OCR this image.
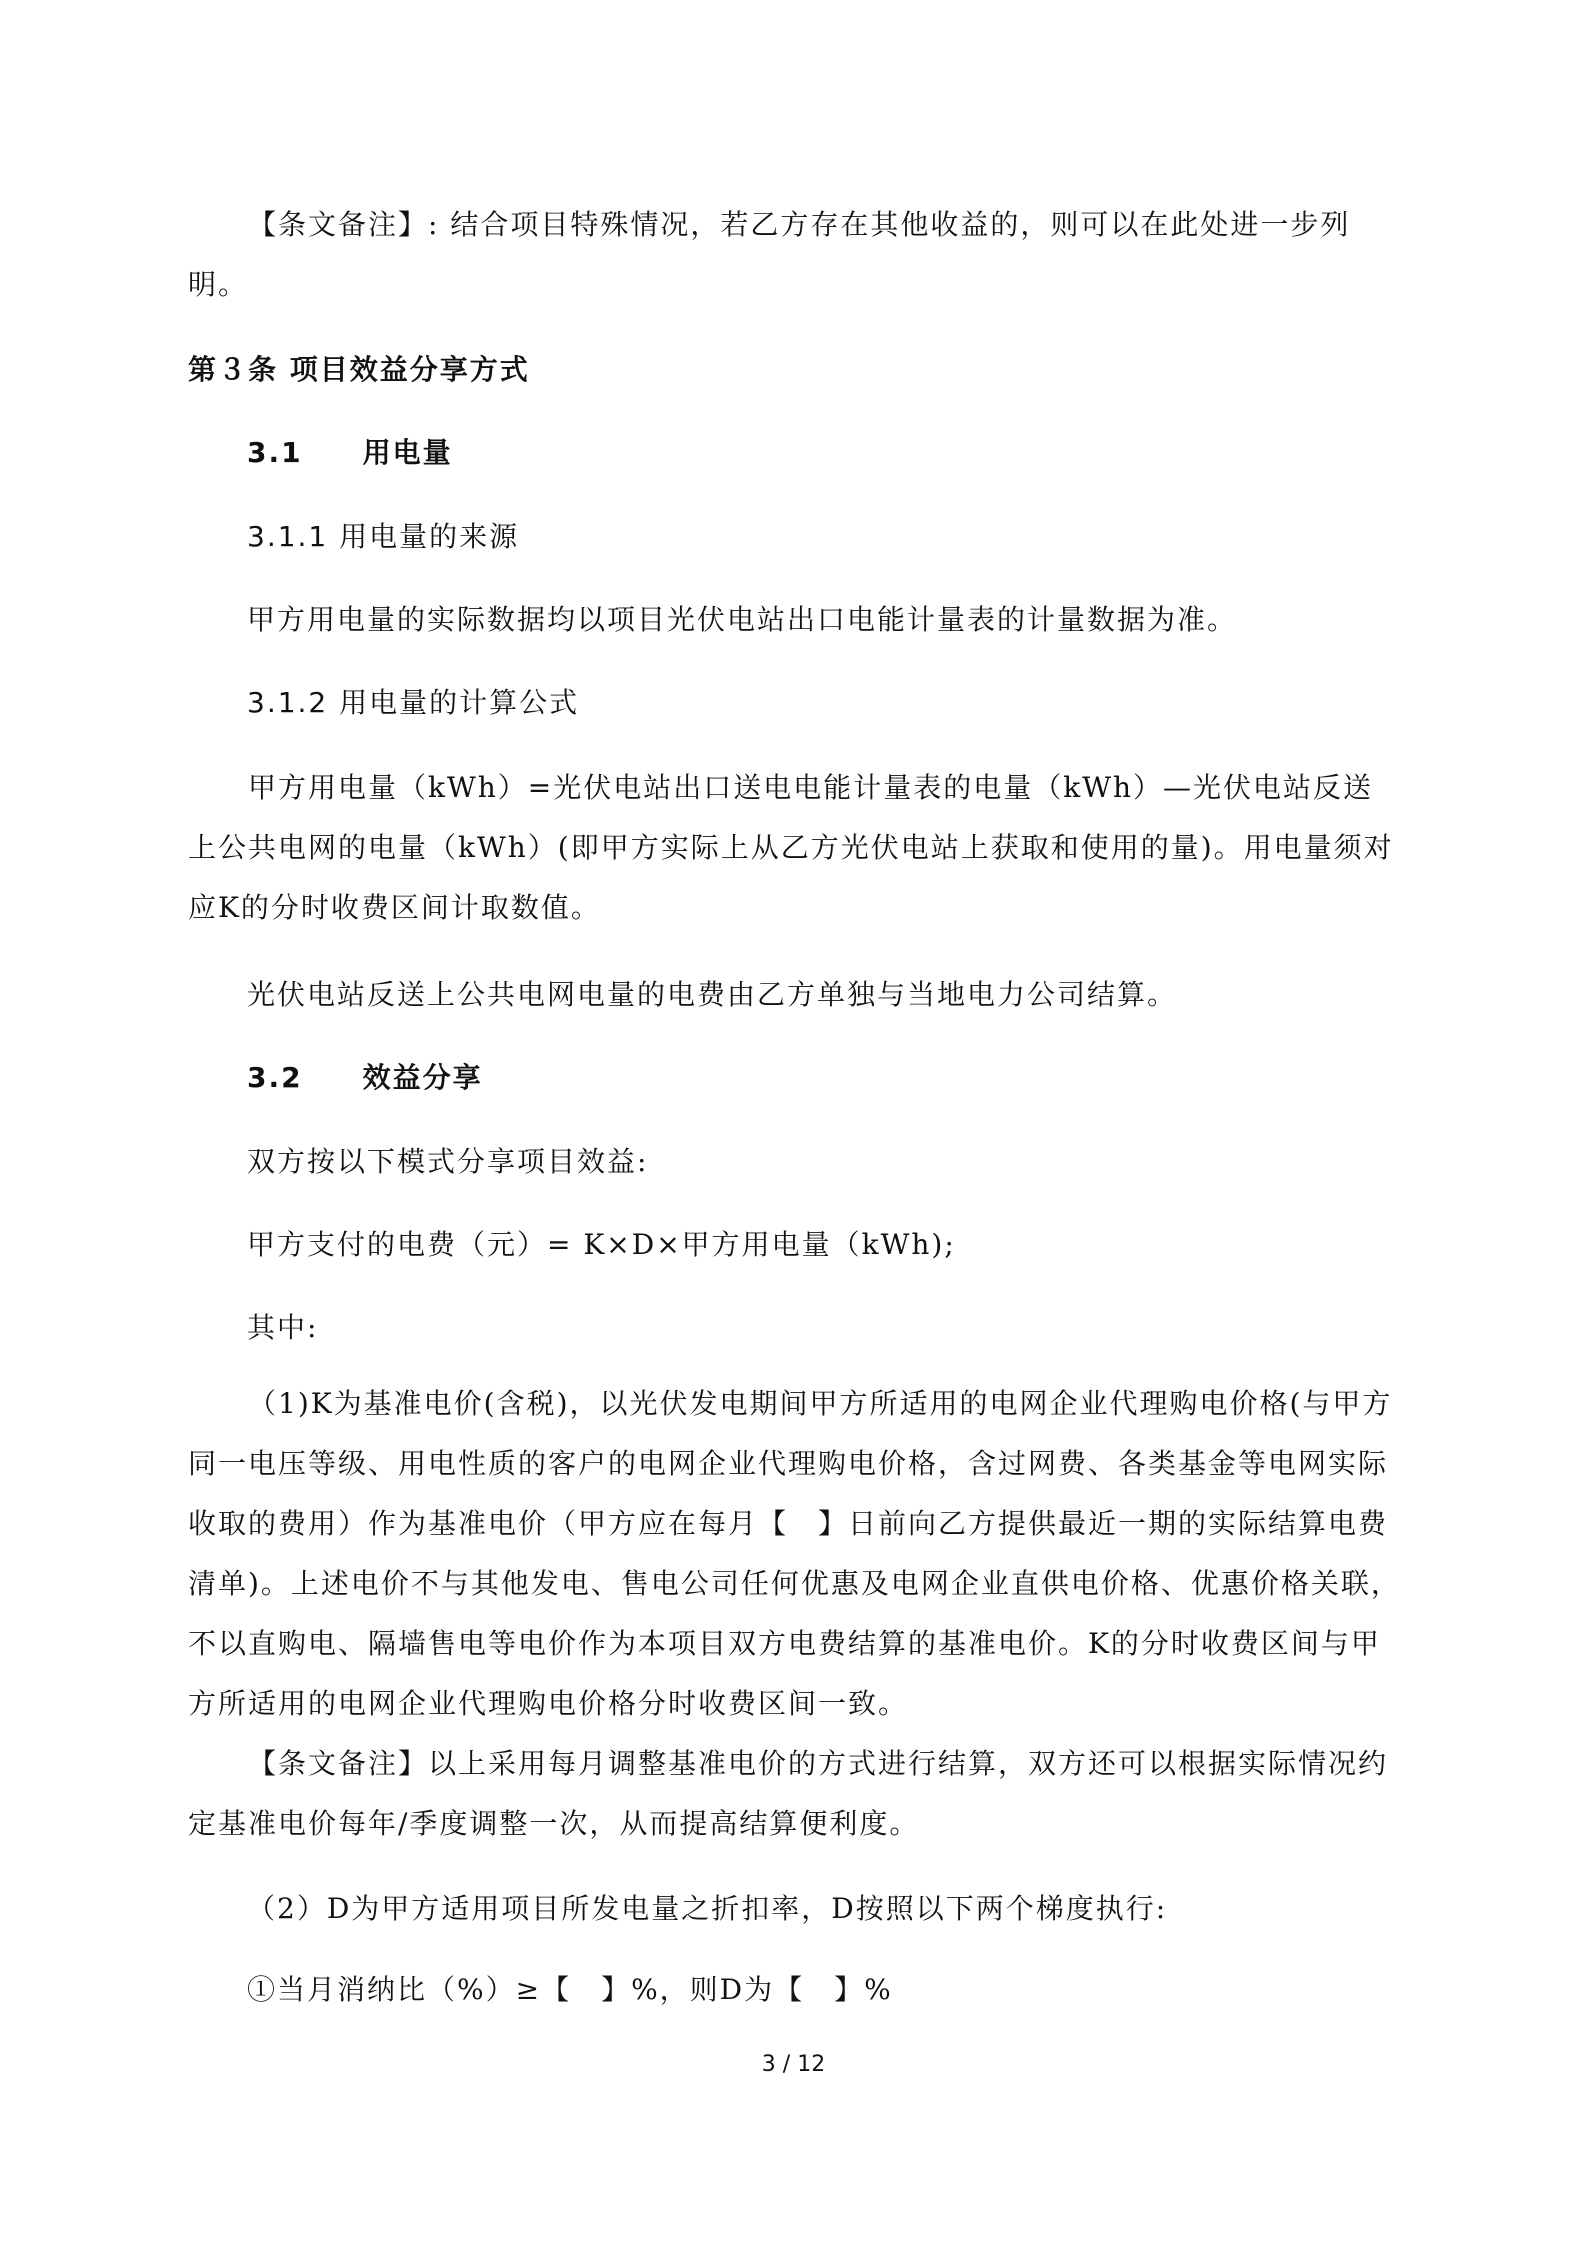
【条文备注】: 结合项目特殊情况，若乙方存在其他收益的，则可以在此处进一步列明。

第３条 项目效益分享方式

3.1　　用电量

3.1.1 用电量的来源

甲方用电量的实际数据均以项目光伏电站出口电能计量表的计量数据为准。

3.1.2 用电量的计算公式

甲方用电量（kWh）=光伏电站出口送电电能计量表的电量（kWh）—光伏电站反送上公共电网的电量（kWh）(即甲方实际上从乙方光伏电站上获取和使用的量)。用电量须对应K的分时收费区间计取数值。

光伏电站反送上公共电网电量的电费由乙方单独与当地电力公司结算。

3.2　　效益分享

双方按以下模式分享项目效益:

甲方支付的电费（元）= K×D×甲方用电量（kWh);

其中:

（1)K为基准电价(含税)，以光伏发电期间甲方所适用的电网企业代理购电价格(与甲方同一电压等级、用电性质的客户的电网企业代理购电价格，含过网费、各类基金等电网实际收取的费用）作为基准电价（甲方应在每月【　】日前向乙方提供最近一期的实际结算电费清单)。上述电价不与其他发电、售电公司任何优惠及电网企业直供电价格、优惠价格关联，不以直购电、隔墙售电等电价作为本项目双方电费结算的基准电价。K的分时收费区间与甲方所适用的电网企业代理购电价格分时收费区间一致。

【条文备注】以上采用每月调整基准电价的方式进行结算，双方还可以根据实际情况约定基准电价每年/季度调整一次，从而提高结算便利度。

（2）D为甲方适用项目所发电量之折扣率，D按照以下两个梯度执行:

①当月消纳比（%）≥【　】%，则D为【　】%

3 / 12
